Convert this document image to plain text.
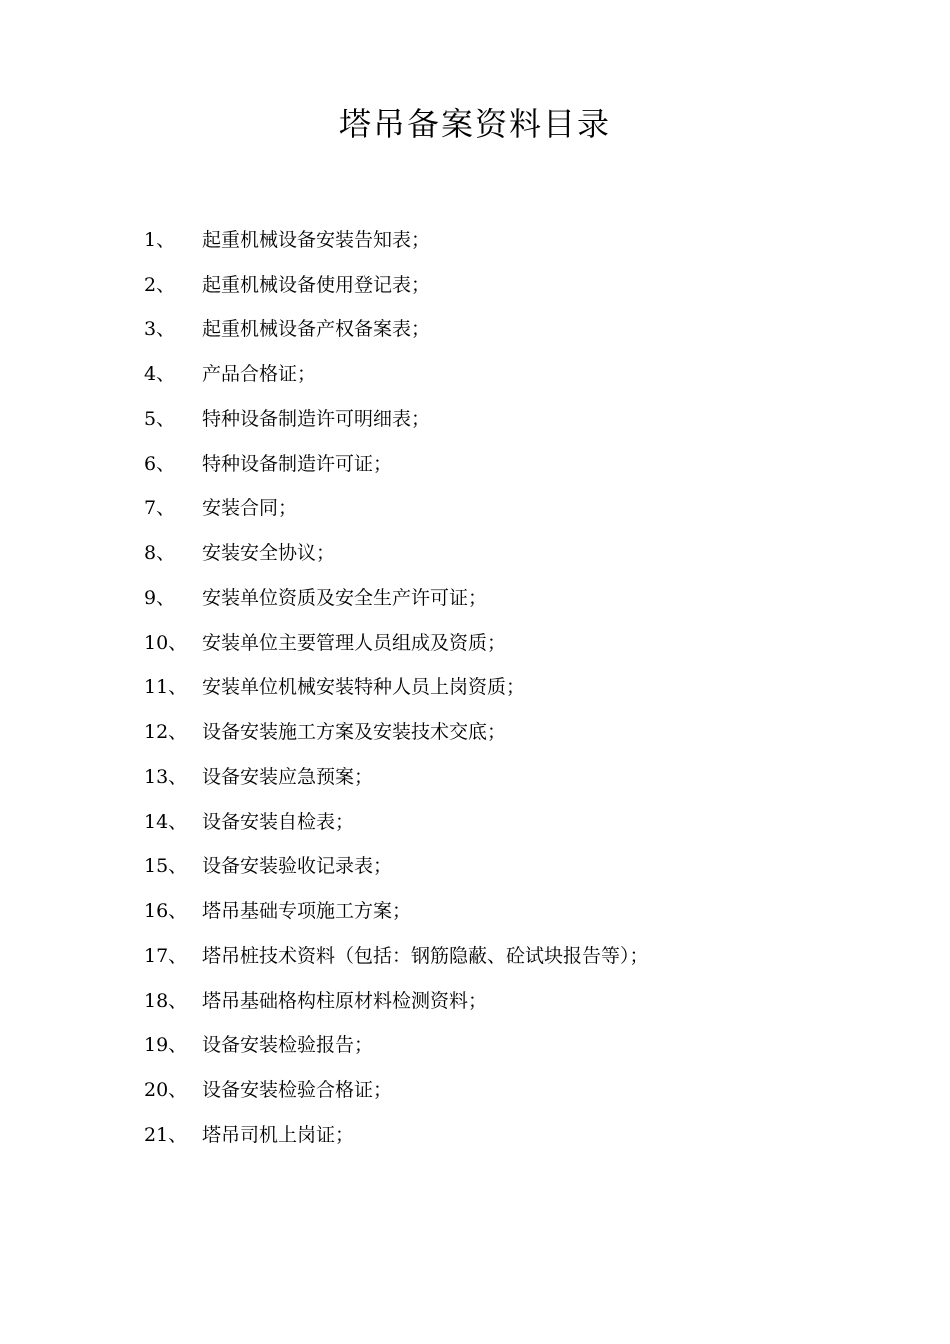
塔吊备案资料目录
1、	起重机械设备安装告知表；
2、	起重机械设备使用登记表；
3、	起重机械设备产权备案表；
4、	产品合格证；
5、	特种设备制造许可明细表；
6、	特种设备制造许可证；
7、	安装合同；
8、	安装安全协议；
9、	安装单位资质及安全生产许可证；
10、 安装单位主要管理人员组成及资质；
11、 安装单位机械安装特种人员上岗资质；
12、 设备安装施工方案及安装技术交底；
13、 设备安装应急预案；
14、 设备安装自检表；
15、 设备安装验收记录表；
16、 塔吊基础专项施工方案；
17、 塔吊桩技术资料（包括：钢筋隐蔽、砼试块报告等）；
18、 塔吊基础格构柱原材料检测资料；
19、 设备安装检验报告；
20、 设备安装检验合格证；
21、 塔吊司机上岗证；
